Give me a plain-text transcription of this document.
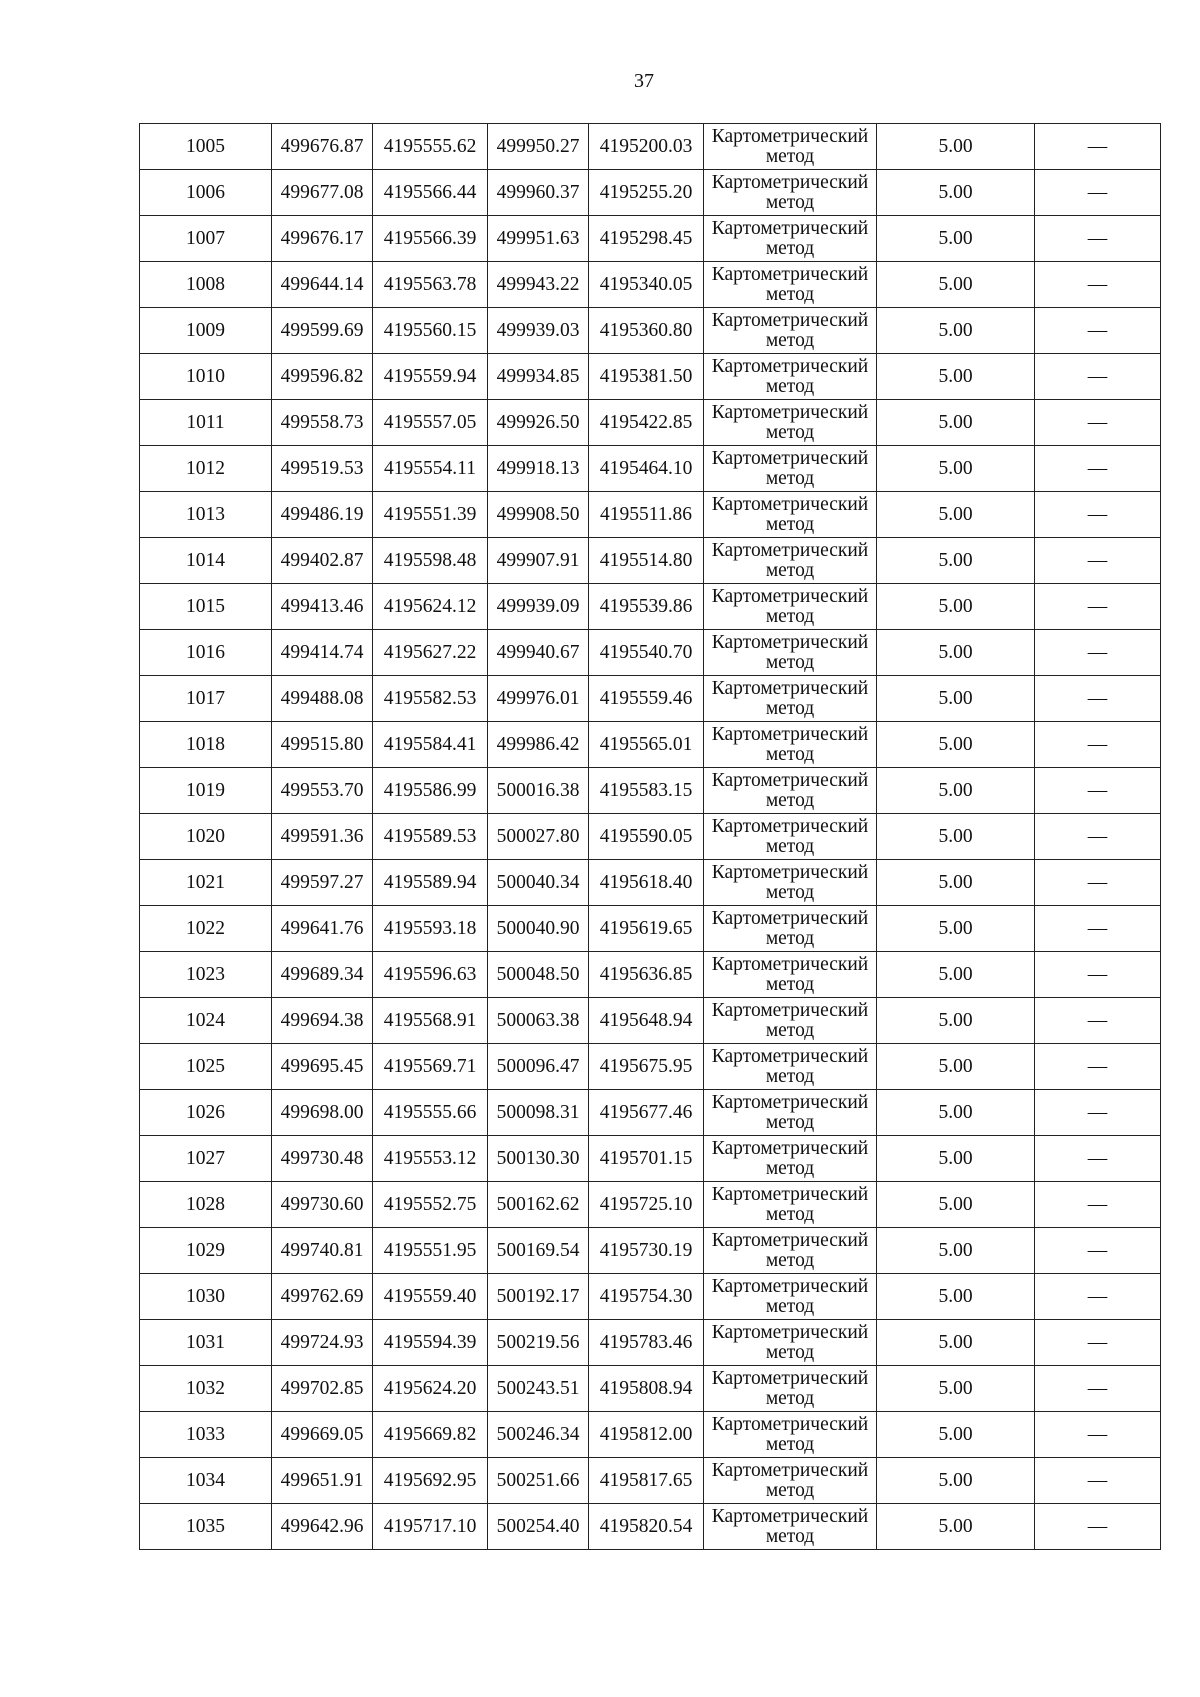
37
1005	499676.87	4195555.62	499950.27	4195200.03	Картометрический
метод	5.00	—
1006	499677.08	4195566.44	499960.37	4195255.20	Картометрический
метод	5.00	—
1007	499676.17	4195566.39	499951.63	4195298.45	Картометрический
метод	5.00	—
1008	499644.14	4195563.78	499943.22	4195340.05	Картометрический
метод	5.00	—
1009	499599.69	4195560.15	499939.03	4195360.80	Картометрический
метод	5.00	—
1010	499596.82	4195559.94	499934.85	4195381.50	Картометрический
метод	5.00	—
1011	499558.73	4195557.05	499926.50	4195422.85	Картометрический
метод	5.00	—
1012	499519.53	4195554.11	499918.13	4195464.10	Картометрический
метод	5.00	—
1013	499486.19	4195551.39	499908.50	4195511.86	Картометрический
метод	5.00	—
1014	499402.87	4195598.48	499907.91	4195514.80	Картометрический
метод	5.00	—
1015	499413.46	4195624.12	499939.09	4195539.86	Картометрический
метод	5.00	—
1016	499414.74	4195627.22	499940.67	4195540.70	Картометрический
метод	5.00	—
1017	499488.08	4195582.53	499976.01	4195559.46	Картометрический
метод	5.00	—
1018	499515.80	4195584.41	499986.42	4195565.01	Картометрический
метод	5.00	—
1019	499553.70	4195586.99	500016.38	4195583.15	Картометрический
метод	5.00	—
1020	499591.36	4195589.53	500027.80	4195590.05	Картометрический
метод	5.00	—
1021	499597.27	4195589.94	500040.34	4195618.40	Картометрический
метод	5.00	—
1022	499641.76	4195593.18	500040.90	4195619.65	Картометрический
метод	5.00	—
1023	499689.34	4195596.63	500048.50	4195636.85	Картометрический
метод	5.00	—
1024	499694.38	4195568.91	500063.38	4195648.94	Картометрический
метод	5.00	—
1025	499695.45	4195569.71	500096.47	4195675.95	Картометрический
метод	5.00	—
1026	499698.00	4195555.66	500098.31	4195677.46	Картометрический
метод	5.00	—
1027	499730.48	4195553.12	500130.30	4195701.15	Картометрический
метод	5.00	—
1028	499730.60	4195552.75	500162.62	4195725.10	Картометрический
метод	5.00	—
1029	499740.81	4195551.95	500169.54	4195730.19	Картометрический
метод	5.00	—
1030	499762.69	4195559.40	500192.17	4195754.30	Картометрический
метод	5.00	—
1031	499724.93	4195594.39	500219.56	4195783.46	Картометрический
метод	5.00	—
1032	499702.85	4195624.20	500243.51	4195808.94	Картометрический
метод	5.00	—
1033	499669.05	4195669.82	500246.34	4195812.00	Картометрический
метод	5.00	—
1034	499651.91	4195692.95	500251.66	4195817.65	Картометрический
метод	5.00	—
1035	499642.96	4195717.10	500254.40	4195820.54	Картометрический
метод	5.00	—
